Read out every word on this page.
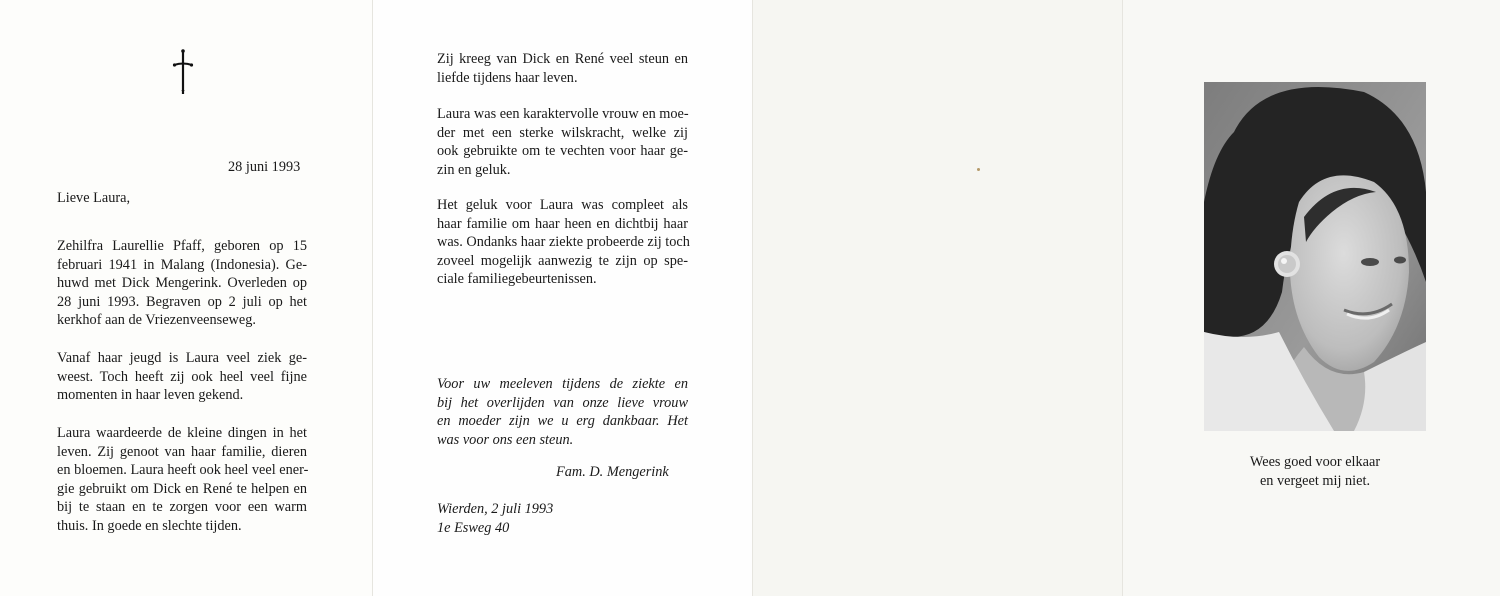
28 juni 1993
Lieve Laura,
Zehilfra Laurellie Pfaff, geboren op 15
februari 1941 in Malang (Indonesia). Ge-
huwd met Dick Mengerink. Overleden op
28 juni 1993. Begraven op 2 juli op het
kerkhof aan de Vriezenveenseweg.
Vanaf haar jeugd is Laura veel ziek ge-
weest. Toch heeft zij ook heel veel fijne
momenten in haar leven gekend.
Laura waardeerde de kleine dingen in het
leven. Zij genoot van haar familie, dieren
en bloemen. Laura heeft ook heel veel ener-
gie gebruikt om Dick en René te helpen en
bij te staan en te zorgen voor een warm
thuis. In goede en slechte tijden.
Zij kreeg van Dick en René veel steun en
liefde tijdens haar leven.
Laura was een karaktervolle vrouw en moe-
der met een sterke wilskracht, welke zij
ook gebruikte om te vechten voor haar ge-
zin en geluk.
Het geluk voor Laura was compleet als
haar familie om haar heen en dichtbij haar
was. Ondanks haar ziekte probeerde zij toch
zoveel mogelijk aanwezig te zijn op spe-
ciale familiegebeurtenissen.
Voor uw meeleven tijdens de ziekte en
bij het overlijden van onze lieve vrouw
en moeder zijn we u erg dankbaar. Het
was voor ons een steun.
Fam. D. Mengerink
Wierden, 2 juli 1993
1e Esweg 40
Wees goed voor elkaar
en vergeet mij niet.
